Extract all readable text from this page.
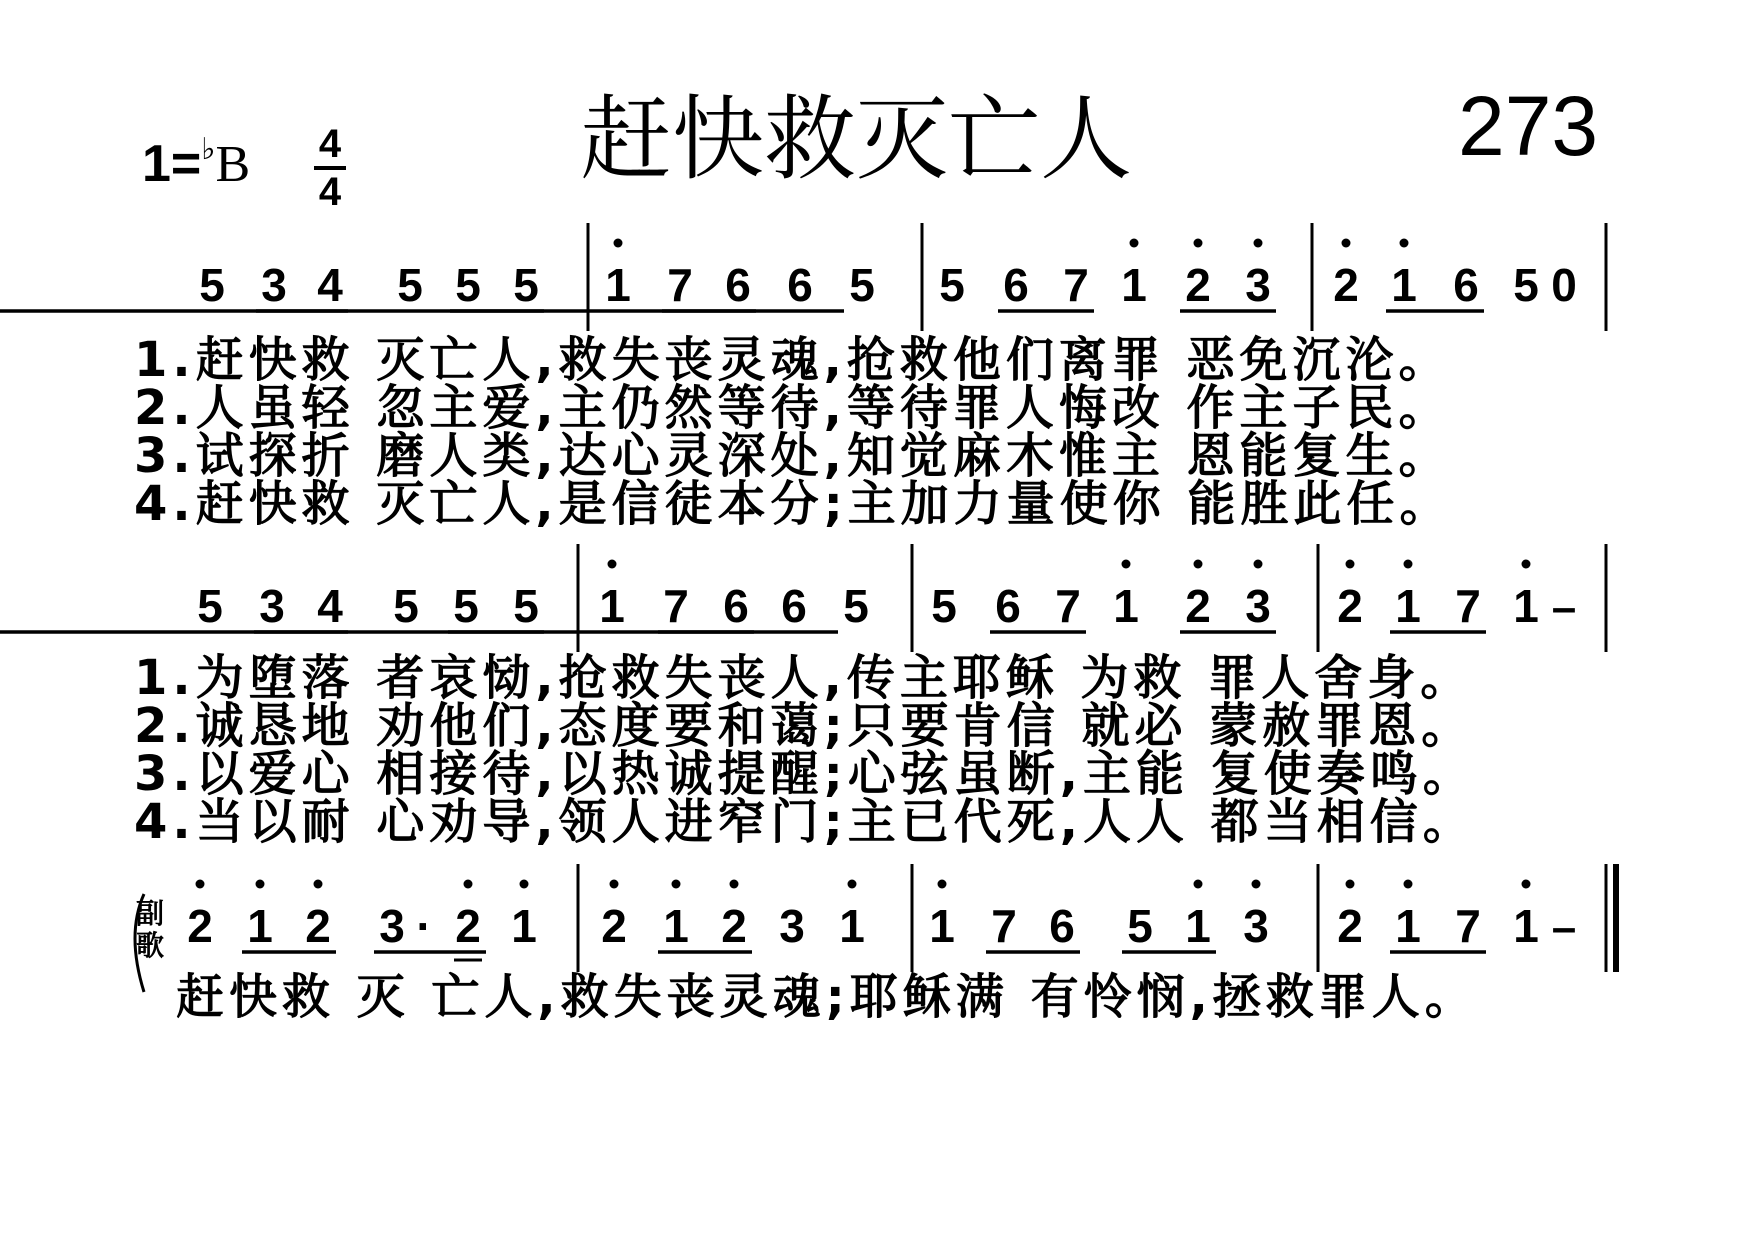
赶快救灭亡人	273
1=♭B 4
4
5 3 4 5 5 5 1 7 6 6 5 5 6 7 1 2 3 2 1 6 5 0
5 3 4 5 5 5 1 7 6 6 5 5 6 7 1 2 3 2 1 7 1 –
2 1 2 3 · 2 1 2 1 2 3 1 1 7 6 5 1 3 2 1 7 1 –
1.赶快救 灭亡人,救失丧灵魂,抢救他们离罪 恶免沉沦。
2.人虽轻 忽主爱,主仍然等待,等待罪人悔改 作主子民。
3.试探折 磨人类,达心灵深处,知觉麻木惟主 恩能复生。
4.赶快救 灭亡人,是信徒本分;主加力量使你 能胜此任。
1.为堕落 者哀恸,抢救失丧人,传主耶稣 为救 罪人舍身。
2.诚恳地 劝他们,态度要和蔼;只要肯信 就必 蒙赦罪恩。
3.以爱心 相接待,以热诚提醒;心弦虽断,主能 复使奏鸣。
4.当以耐 心劝导,领人进窄门;主已代死,人人 都当相信。
副
歌
赶快救 灭 亡人,救失丧灵魂;耶稣满 有怜悯,拯救罪人。
